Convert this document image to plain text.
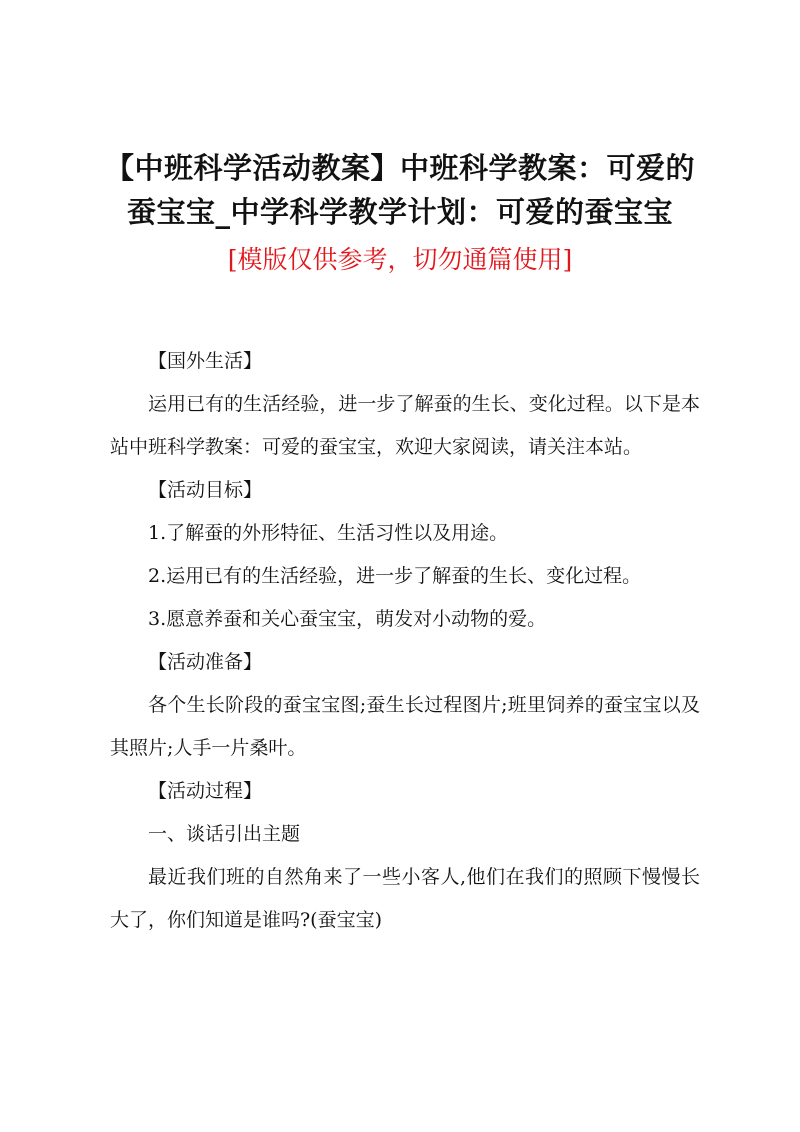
【中班科学活动教案】中班科学教案：可爱的
蚕宝宝_中学科学教学计划：可爱的蚕宝宝
[模版仅供参考，切勿通篇使用]

【国外生活】

运用已有的生活经验，进一步了解蚕的生长、变化过程。以下是本站中班科学教案：可爱的蚕宝宝，欢迎大家阅读，请关注本站。

【活动目标】

1.了解蚕的外形特征、生活习性以及用途。

2.运用已有的生活经验，进一步了解蚕的生长、变化过程。

3.愿意养蚕和关心蚕宝宝，萌发对小动物的爱。

【活动准备】

各个生长阶段的蚕宝宝图;蚕生长过程图片;班里饲养的蚕宝宝以及其照片;人手一片桑叶。

【活动过程】

一、谈话引出主题

最近我们班的自然角来了一些小客人,他们在我们的照顾下慢慢长大了，你们知道是谁吗?(蚕宝宝)
